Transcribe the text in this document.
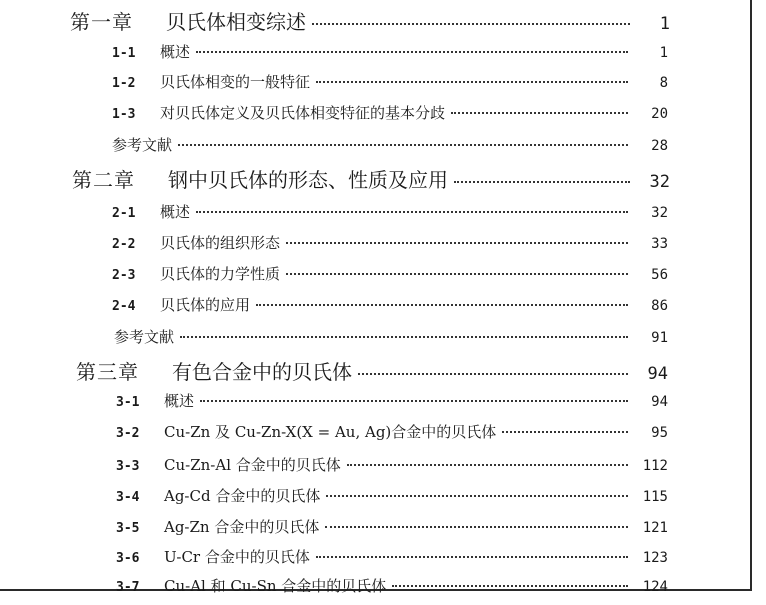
第一章	贝氏体相变综述	1
1-1	概述	1
1-2	贝氏体相变的一般特征	8
1-3	对贝氏体定义及贝氏体相变特征的基本分歧	20
参考文献	28
第二章	钢中贝氏体的形态、性质及应用	32
2-1	概述	32
2-2	贝氏体的组织形态	33
2-3	贝氏体的力学性质	56
2-4	贝氏体的应用	86
参考文献	91
第三章	有色合金中的贝氏体	94
3-1	概述	94
3-2	Cu-Zn 及 Cu-Zn-X(X = Au, Ag)合金中的贝氏体	95
3-3	Cu-Zn-Al 合金中的贝氏体	112
3-4	Ag-Cd 合金中的贝氏体	115
3-5	Ag-Zn 合金中的贝氏体	121
3-6	U-Cr 合金中的贝氏体	123
3-7	Cu-Al 和 Cu-Sn 合金中的贝氏体	124
